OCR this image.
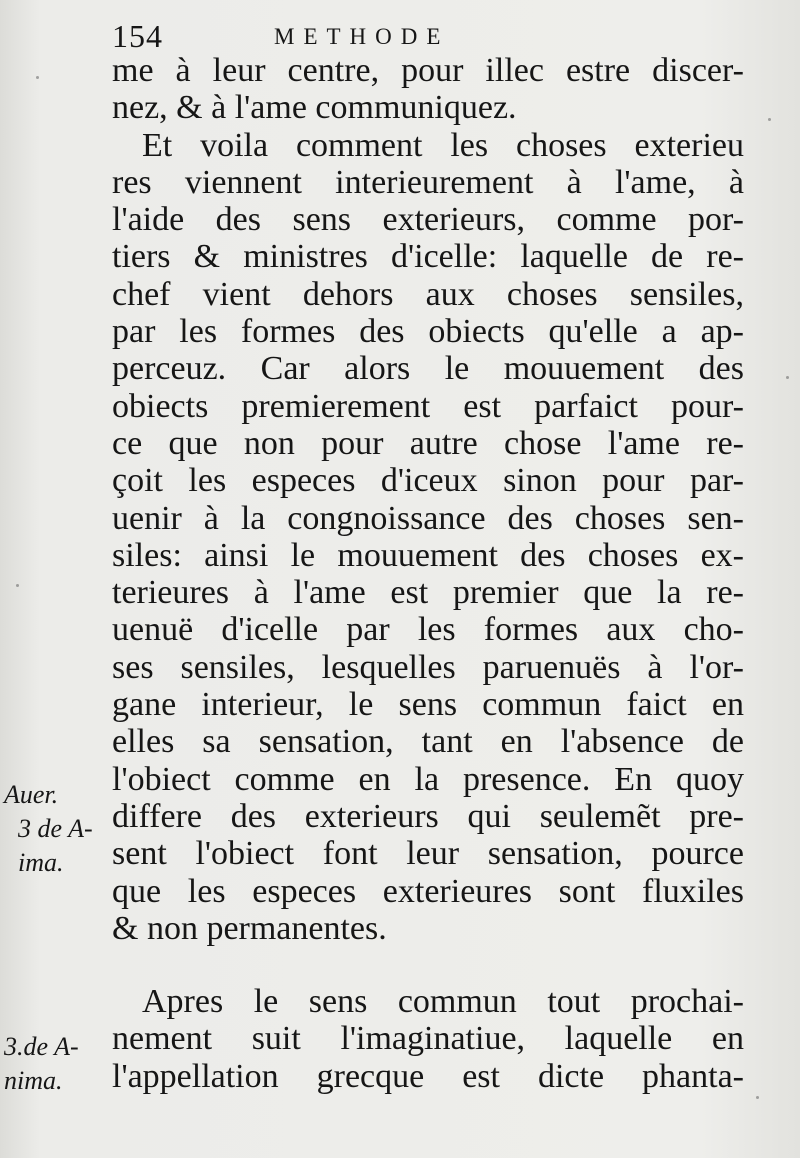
154	METHODE
me à leur centre, pour illec estre discer-
nez, & à l'ame communiquez.
Et voila comment les choses exterieu
res viennent interieurement à l'ame, à
l'aide des sens exterieurs, comme por-
tiers & ministres d'icelle: laquelle de re-
chef vient dehors aux choses sensiles,
par les formes des obiects qu'elle a ap-
perceuz. Car alors le mouuement des
obiects premierement est parfaict pour-
ce que non pour autre chose l'ame re-
çoit les especes d'iceux sinon pour par-
uenir à la congnoissance des choses sen-
siles: ainsi le mouuement des choses ex-
terieures à l'ame est premier que la re-
uenuë d'icelle par les formes aux cho-
ses sensiles, lesquelles paruenuës à l'or-
gane interieur, le sens commun faict en
elles sa sensation, tant en l'absence de
l'obiect comme en la presence. En quoy
differe des exterieurs qui seulemẽt pre-
sent l'obiect font leur sensation, pource
que les especes exterieures sont fluxiles
& non permanentes.
Apres le sens commun tout prochai-
nement suit l'imaginatiue, laquelle en
l'appellation grecque est dicte phanta-
Auer.
3 de A-
ima.
3.de A-
nima.
